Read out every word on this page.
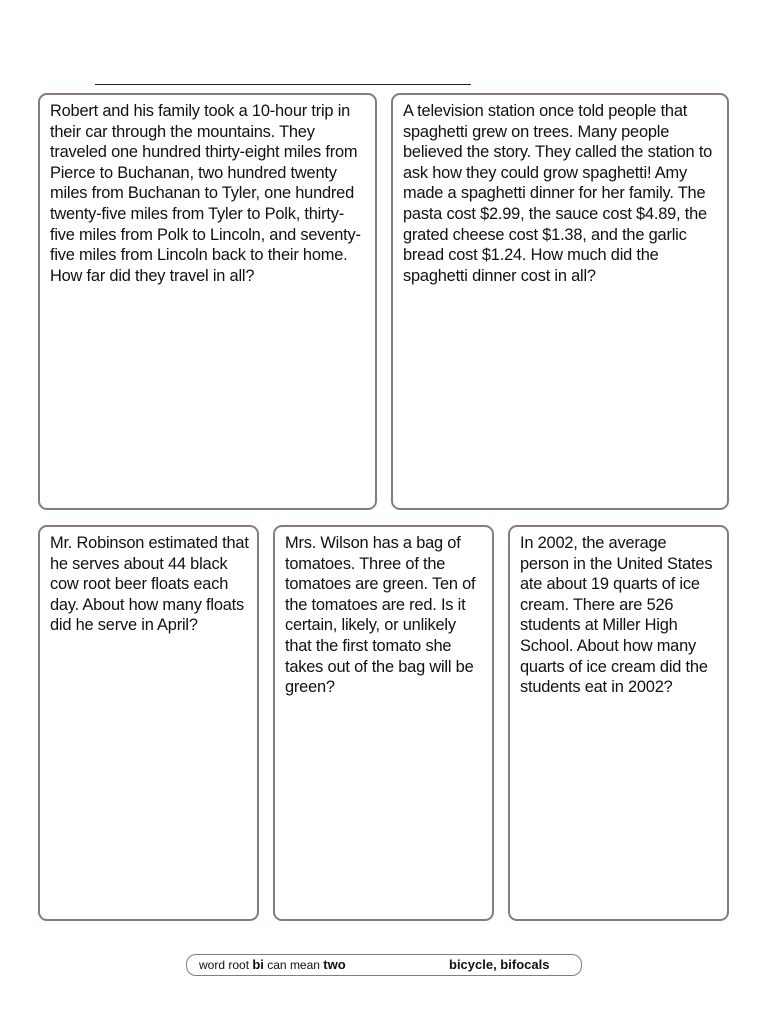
Robert and his family took a 10-hour trip in their car through the mountains. They traveled one hundred thirty-eight miles from Pierce to Buchanan, two hundred twenty miles from Buchanan to Tyler, one hundred twenty-five miles from Tyler to Polk, thirty-five miles from Polk to Lincoln, and seventy-five miles from Lincoln back to their home. How far did they travel in all?

A television station once told people that spaghetti grew on trees. Many people believed the story. They called the station to ask how they could grow spaghetti! Amy made a spaghetti dinner for her family. The pasta cost $2.99, the sauce cost $4.89, the grated cheese cost $1.38, and the garlic bread cost $1.24. How much did the spaghetti dinner cost in all?

Mr. Robinson estimated that he serves about 44 black cow root beer floats each day. About how many floats did he serve in April?

Mrs. Wilson has a bag of tomatoes. Three of the tomatoes are green. Ten of the tomatoes are red. Is it certain, likely, or unlikely that the first tomato she takes out of the bag will be green?

In 2002, the average person in the United States ate about 19 quarts of ice cream. There are 526 students at Miller High School. About how many quarts of ice cream did the students eat in 2002?

word root bi can mean two	bicycle, bifocals
